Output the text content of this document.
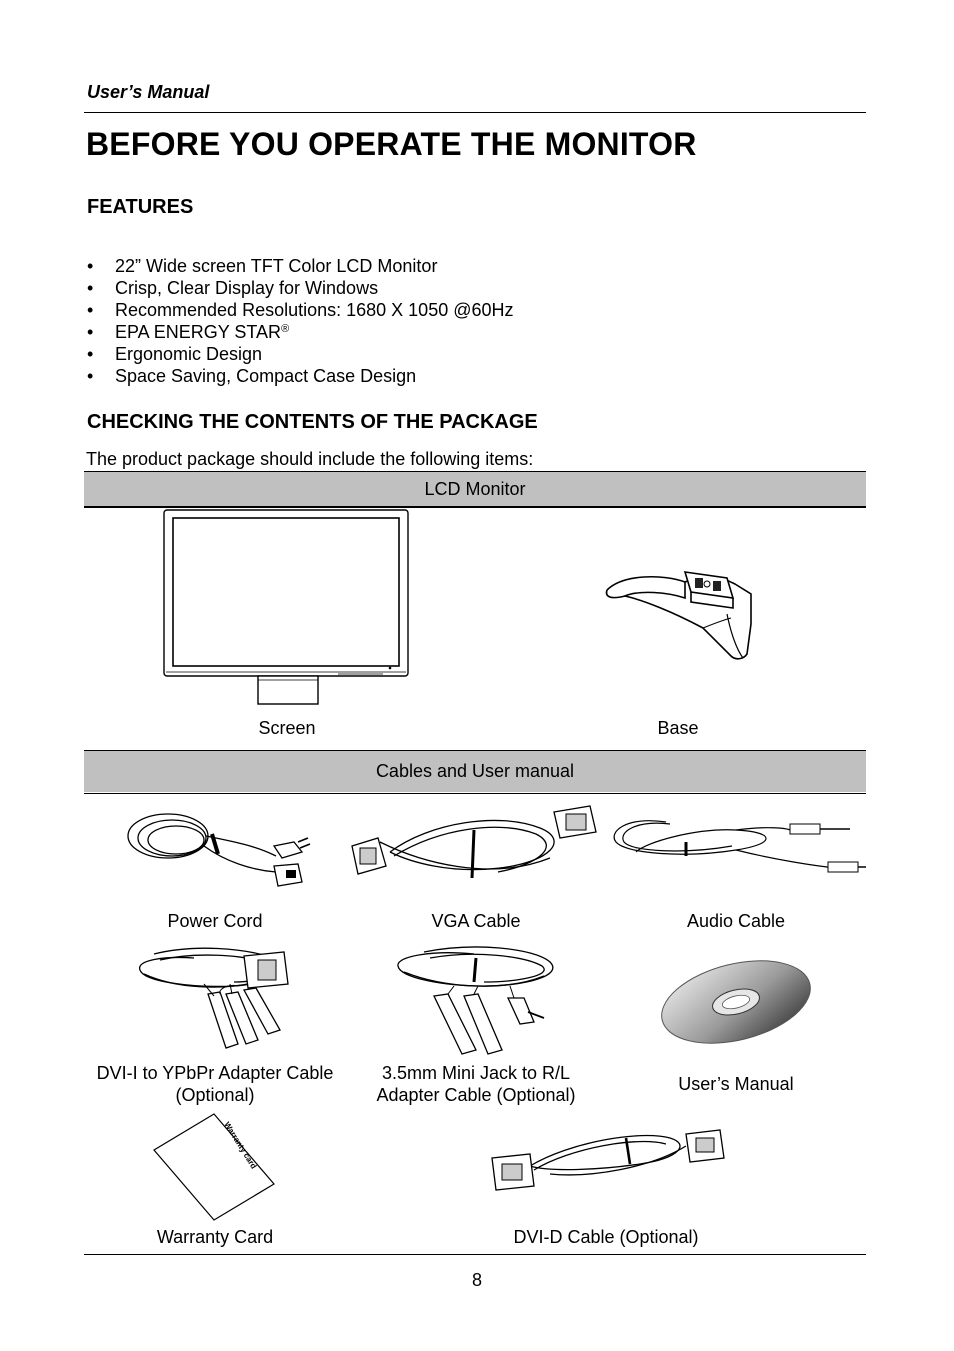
User’s Manual
BEFORE YOU OPERATE THE MONITOR
FEATURES
• 22” Wide screen TFT Color LCD Monitor
• Crisp, Clear Display for Windows
• Recommended Resolutions: 1680 X 1050 @60Hz
• EPA ENERGY STAR®
• Ergonomic Design
• Space Saving, Compact Case Design
CHECKING THE CONTENTS OF THE PACKAGE
The product package should include the following items:
LCD Monitor
Screen	Base
Cables and User manual
Power Cord	VGA Cable	Audio Cable
DVI-I to YPbPr Adapter Cable
(Optional)
3.5mm Mini Jack to R/L
Adapter Cable (Optional)
User’s Manual
Warranty card
Warranty Card	DVI-D Cable (Optional)
8
